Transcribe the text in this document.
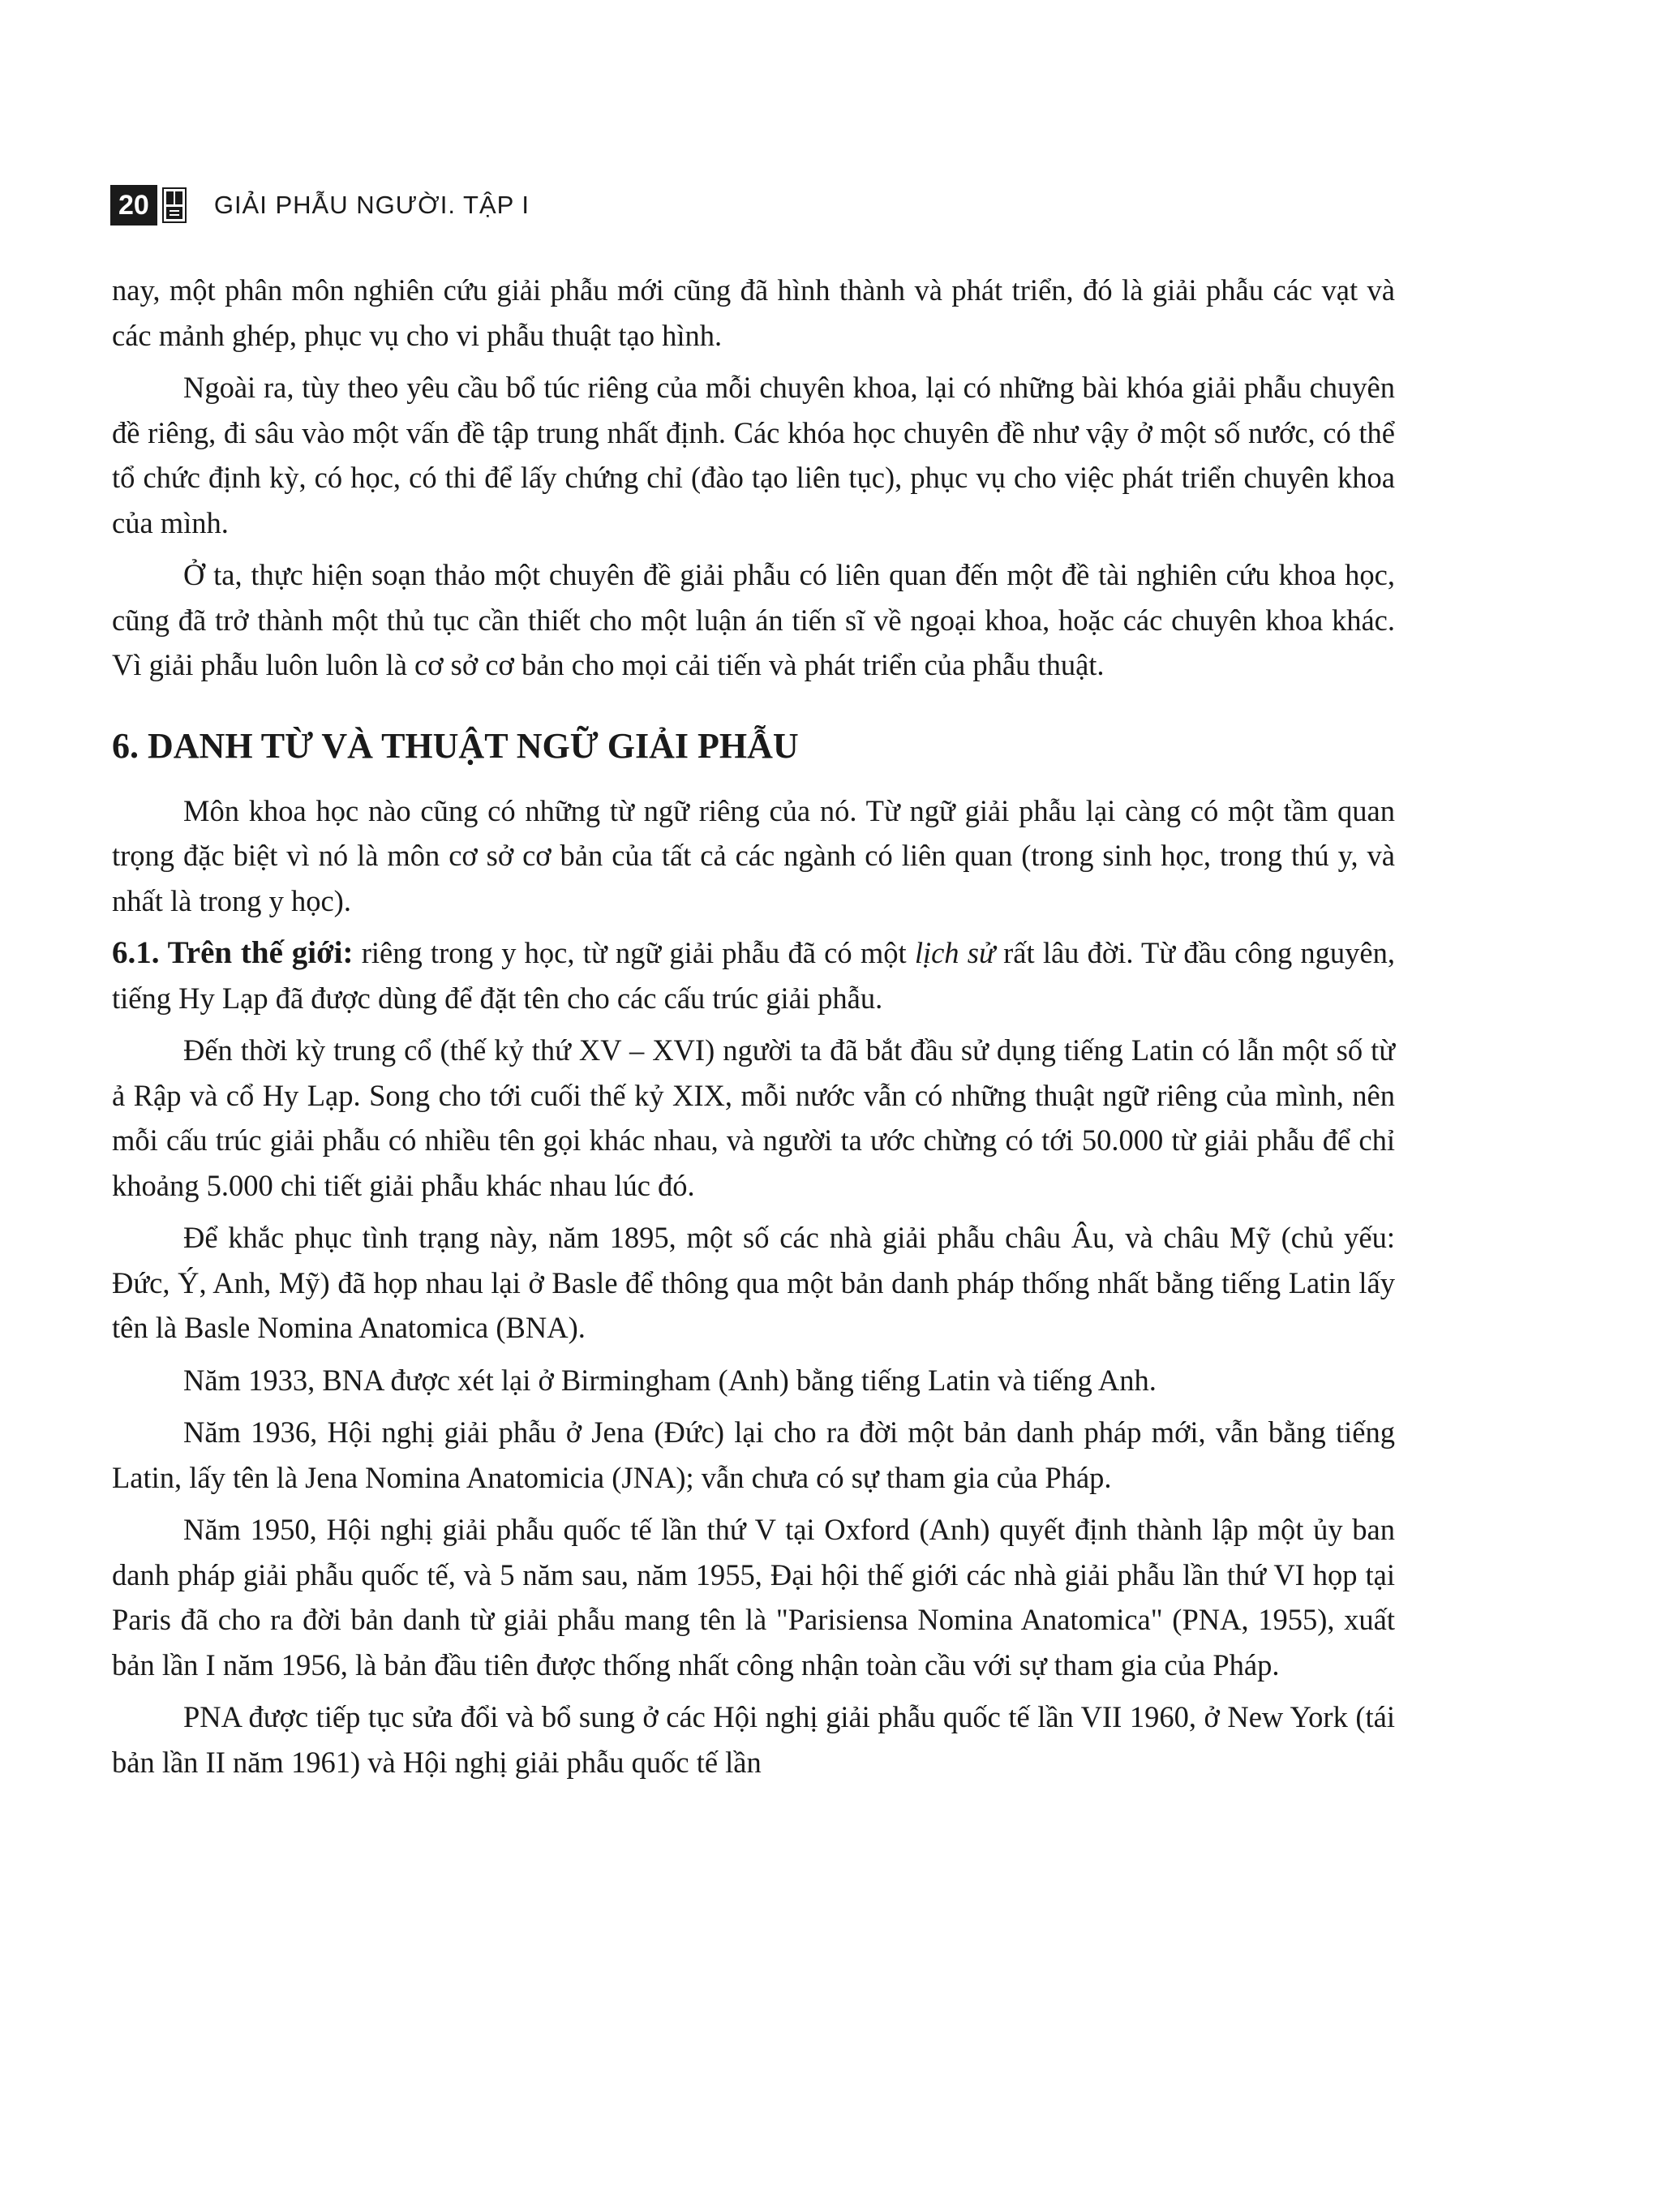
20	GIẢI PHẪU NGƯỜI. TẬP I

nay, một phân môn nghiên cứu giải phẫu mới cũng đã hình thành và phát triển, đó là giải phẫu các vạt và các mảnh ghép, phục vụ cho vi phẫu thuật tạo hình.

Ngoài ra, tùy theo yêu cầu bổ túc riêng của mỗi chuyên khoa, lại có những bài khóa giải phẫu chuyên đề riêng, đi sâu vào một vấn đề tập trung nhất định. Các khóa học chuyên đề như vậy ở một số nước, có thể tổ chức định kỳ, có học, có thi để lấy chứng chỉ (đào tạo liên tục), phục vụ cho việc phát triển chuyên khoa của mình.

Ở ta, thực hiện soạn thảo một chuyên đề giải phẫu có liên quan đến một đề tài nghiên cứu khoa học, cũng đã trở thành một thủ tục cần thiết cho một luận án tiến sĩ về ngoại khoa, hoặc các chuyên khoa khác. Vì giải phẫu luôn luôn là cơ sở cơ bản cho mọi cải tiến và phát triển của phẫu thuật.

6. DANH TỪ VÀ THUẬT NGỮ GIẢI PHẪU

Môn khoa học nào cũng có những từ ngữ riêng của nó. Từ ngữ giải phẫu lại càng có một tầm quan trọng đặc biệt vì nó là môn cơ sở cơ bản của tất cả các ngành có liên quan (trong sinh học, trong thú y, và nhất là trong y học).

6.1. Trên thế giới: riêng trong y học, từ ngữ giải phẫu đã có một lịch sử rất lâu đời. Từ đầu công nguyên, tiếng Hy Lạp đã được dùng để đặt tên cho các cấu trúc giải phẫu.

Đến thời kỳ trung cổ (thế kỷ thứ XV – XVI) người ta đã bắt đầu sử dụng tiếng Latin có lẫn một số từ ả Rập và cổ Hy Lạp. Song cho tới cuối thế kỷ XIX, mỗi nước vẫn có những thuật ngữ riêng của mình, nên mỗi cấu trúc giải phẫu có nhiều tên gọi khác nhau, và người ta ước chừng có tới 50.000 từ giải phẫu để chỉ khoảng 5.000 chi tiết giải phẫu khác nhau lúc đó.

Để khắc phục tình trạng này, năm 1895, một số các nhà giải phẫu châu Âu, và châu Mỹ (chủ yếu: Đức, Ý, Anh, Mỹ) đã họp nhau lại ở Basle để thông qua một bản danh pháp thống nhất bằng tiếng Latin lấy tên là Basle Nomina Anatomica (BNA).

Năm 1933, BNA được xét lại ở Birmingham (Anh) bằng tiếng Latin và tiếng Anh.

Năm 1936, Hội nghị giải phẫu ở Jena (Đức) lại cho ra đời một bản danh pháp mới, vẫn bằng tiếng Latin, lấy tên là Jena Nomina Anatomicia (JNA); vẫn chưa có sự tham gia của Pháp.

Năm 1950, Hội nghị giải phẫu quốc tế lần thứ V tại Oxford (Anh) quyết định thành lập một ủy ban danh pháp giải phẫu quốc tế, và 5 năm sau, năm 1955, Đại hội thế giới các nhà giải phẫu lần thứ VI họp tại Paris đã cho ra đời bản danh từ giải phẫu mang tên là "Parisiensa Nomina Anatomica" (PNA, 1955), xuất bản lần I năm 1956, là bản đầu tiên được thống nhất công nhận toàn cầu với sự tham gia của Pháp.

PNA được tiếp tục sửa đổi và bổ sung ở các Hội nghị giải phẫu quốc tế lần VII 1960, ở New York (tái bản lần II năm 1961) và Hội nghị giải phẫu quốc tế lần
